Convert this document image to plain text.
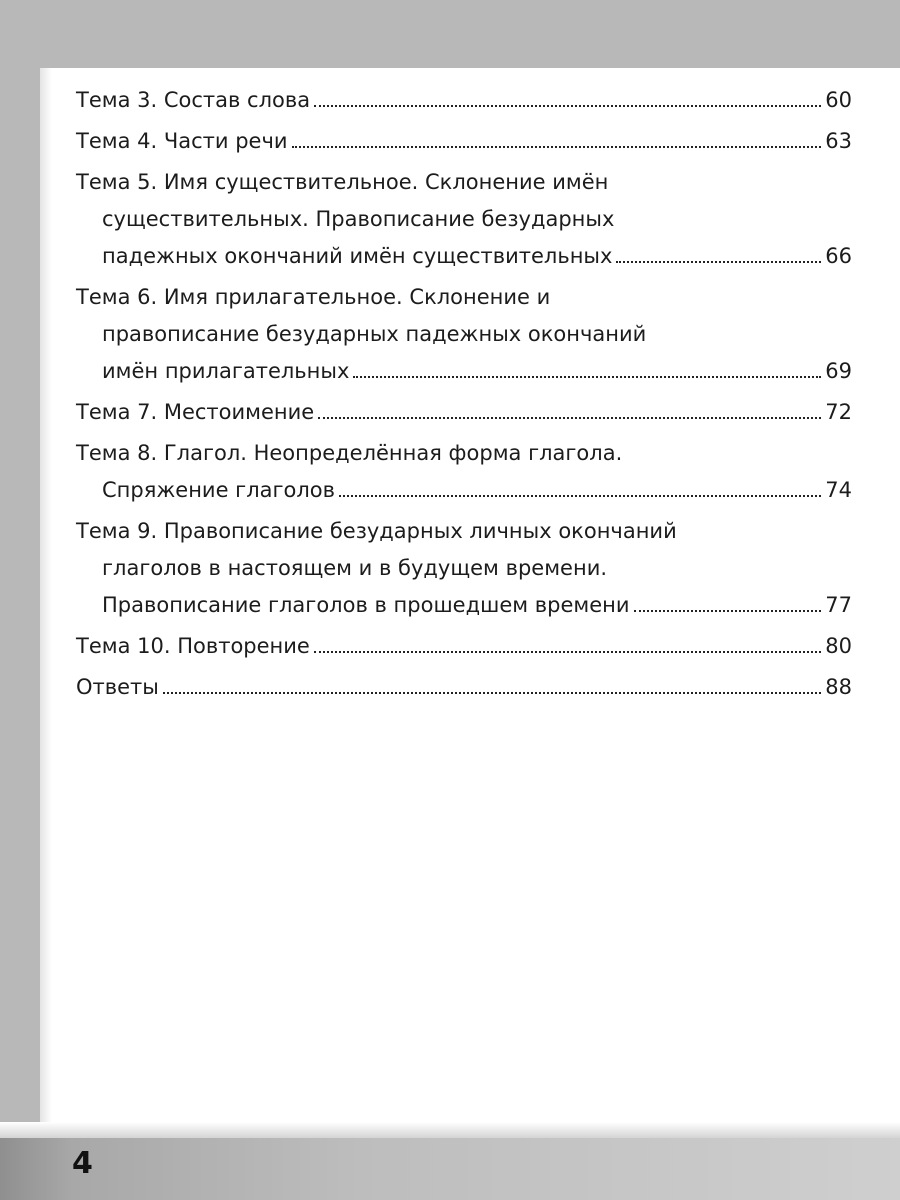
Тема 3. Состав слова	60
Тема 4. Части речи	63
Тема 5. Имя существительное. Склонение имён
существительных. Правописание безударных
падежных окончаний имён существительных	66
Тема 6. Имя прилагательное. Склонение и
правописание безударных падежных окончаний
имён прилагательных	69
Тема 7. Местоимение	72
Тема 8. Глагол. Неопределённая форма глагола.
Спряжение глаголов	74
Тема 9. Правописание безударных личных окончаний
глаголов в настоящем и в будущем времени.
Правописание глаголов в прошедшем времени	77
Тема 10. Повторение	80
Ответы	88
4
